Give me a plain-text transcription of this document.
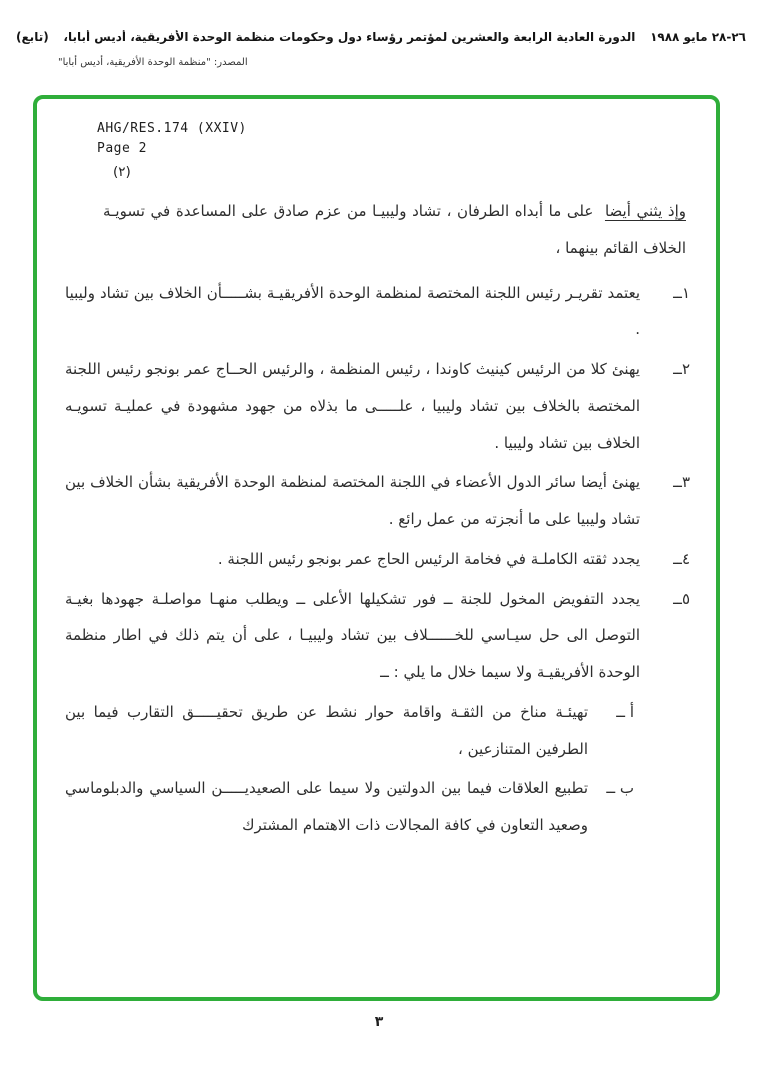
(تابع) الدورة العادية الرابعة والعشرين لمؤتمر رؤساء دول وحكومات منظمة الوحدة الأفريقية، أديس أبابا، ٢٦-٢٨ مايو ١٩٨٨
المصدر: "منظمة الوحدة الأفريقية، أديس أبابا"
AHG/RES.174 (XXIV)
Page 2
(٢)

وإذ يثني أيضا على ما أبداه الطرفان ، تشاد وليبيـا من عزم صادق على المساعدة في تسويـة الخلاف القائم بينهما ،

١ــ
يعتمد تقريـر رئيس اللجنة المختصة لمنظمة الوحدة الأفريقيـة بشـــــأن الخلاف بين تشاد وليبيا .
٢ــ
يهنئ كلا من الرئيس كينيث كاوندا ، رئيس المنظمة ، والرئيس الحــاج عمر بونجو رئيس اللجنة المختصة بالخلاف بين تشاد وليبيا ، علـــــى ما بذلاه من جهود مشهودة في عمليـة تسويـه الخلاف بين تشاد وليبيا .
٣ــ
يهنئ أيضا سائر الدول الأعضاء في اللجنة المختصة لمنظمة الوحدة الأفريقية بشأن الخلاف بين تشاد وليبيا على ما أنجزته من عمل رائع .
٤ــ
يجدد ثقته الكاملـة في فخامة الرئيس الحاج عمر بونجو رئيس اللجنة .
٥ــ
يجدد التفويض المخول للجنة ــ فور تشكيلها الأعلى ــ ويطلب منهـا مواصلـة جهودها بغيـة التوصل الى حل سيـاسي للخــــــلاف بين تشاد وليبيـا ، على أن يتم ذلك في اطار منظمة الوحدة الأفريقيـة ولا سيما خلال ما يلي : ــ
أ ــ
تهيئـة مناخ من الثقـة واقامة حوار نشط عن طريق تحقيـــــق التقارب فيما بين الطرفين المتنازعين ،
ب ــ
تطبيع العلاقات فيما بين الدولتين ولا سيما على الصعيديـــــن السياسي والدبلوماسي وصعيد التعاون في كافة المجالات ذات الاهتمام المشترك
٣
